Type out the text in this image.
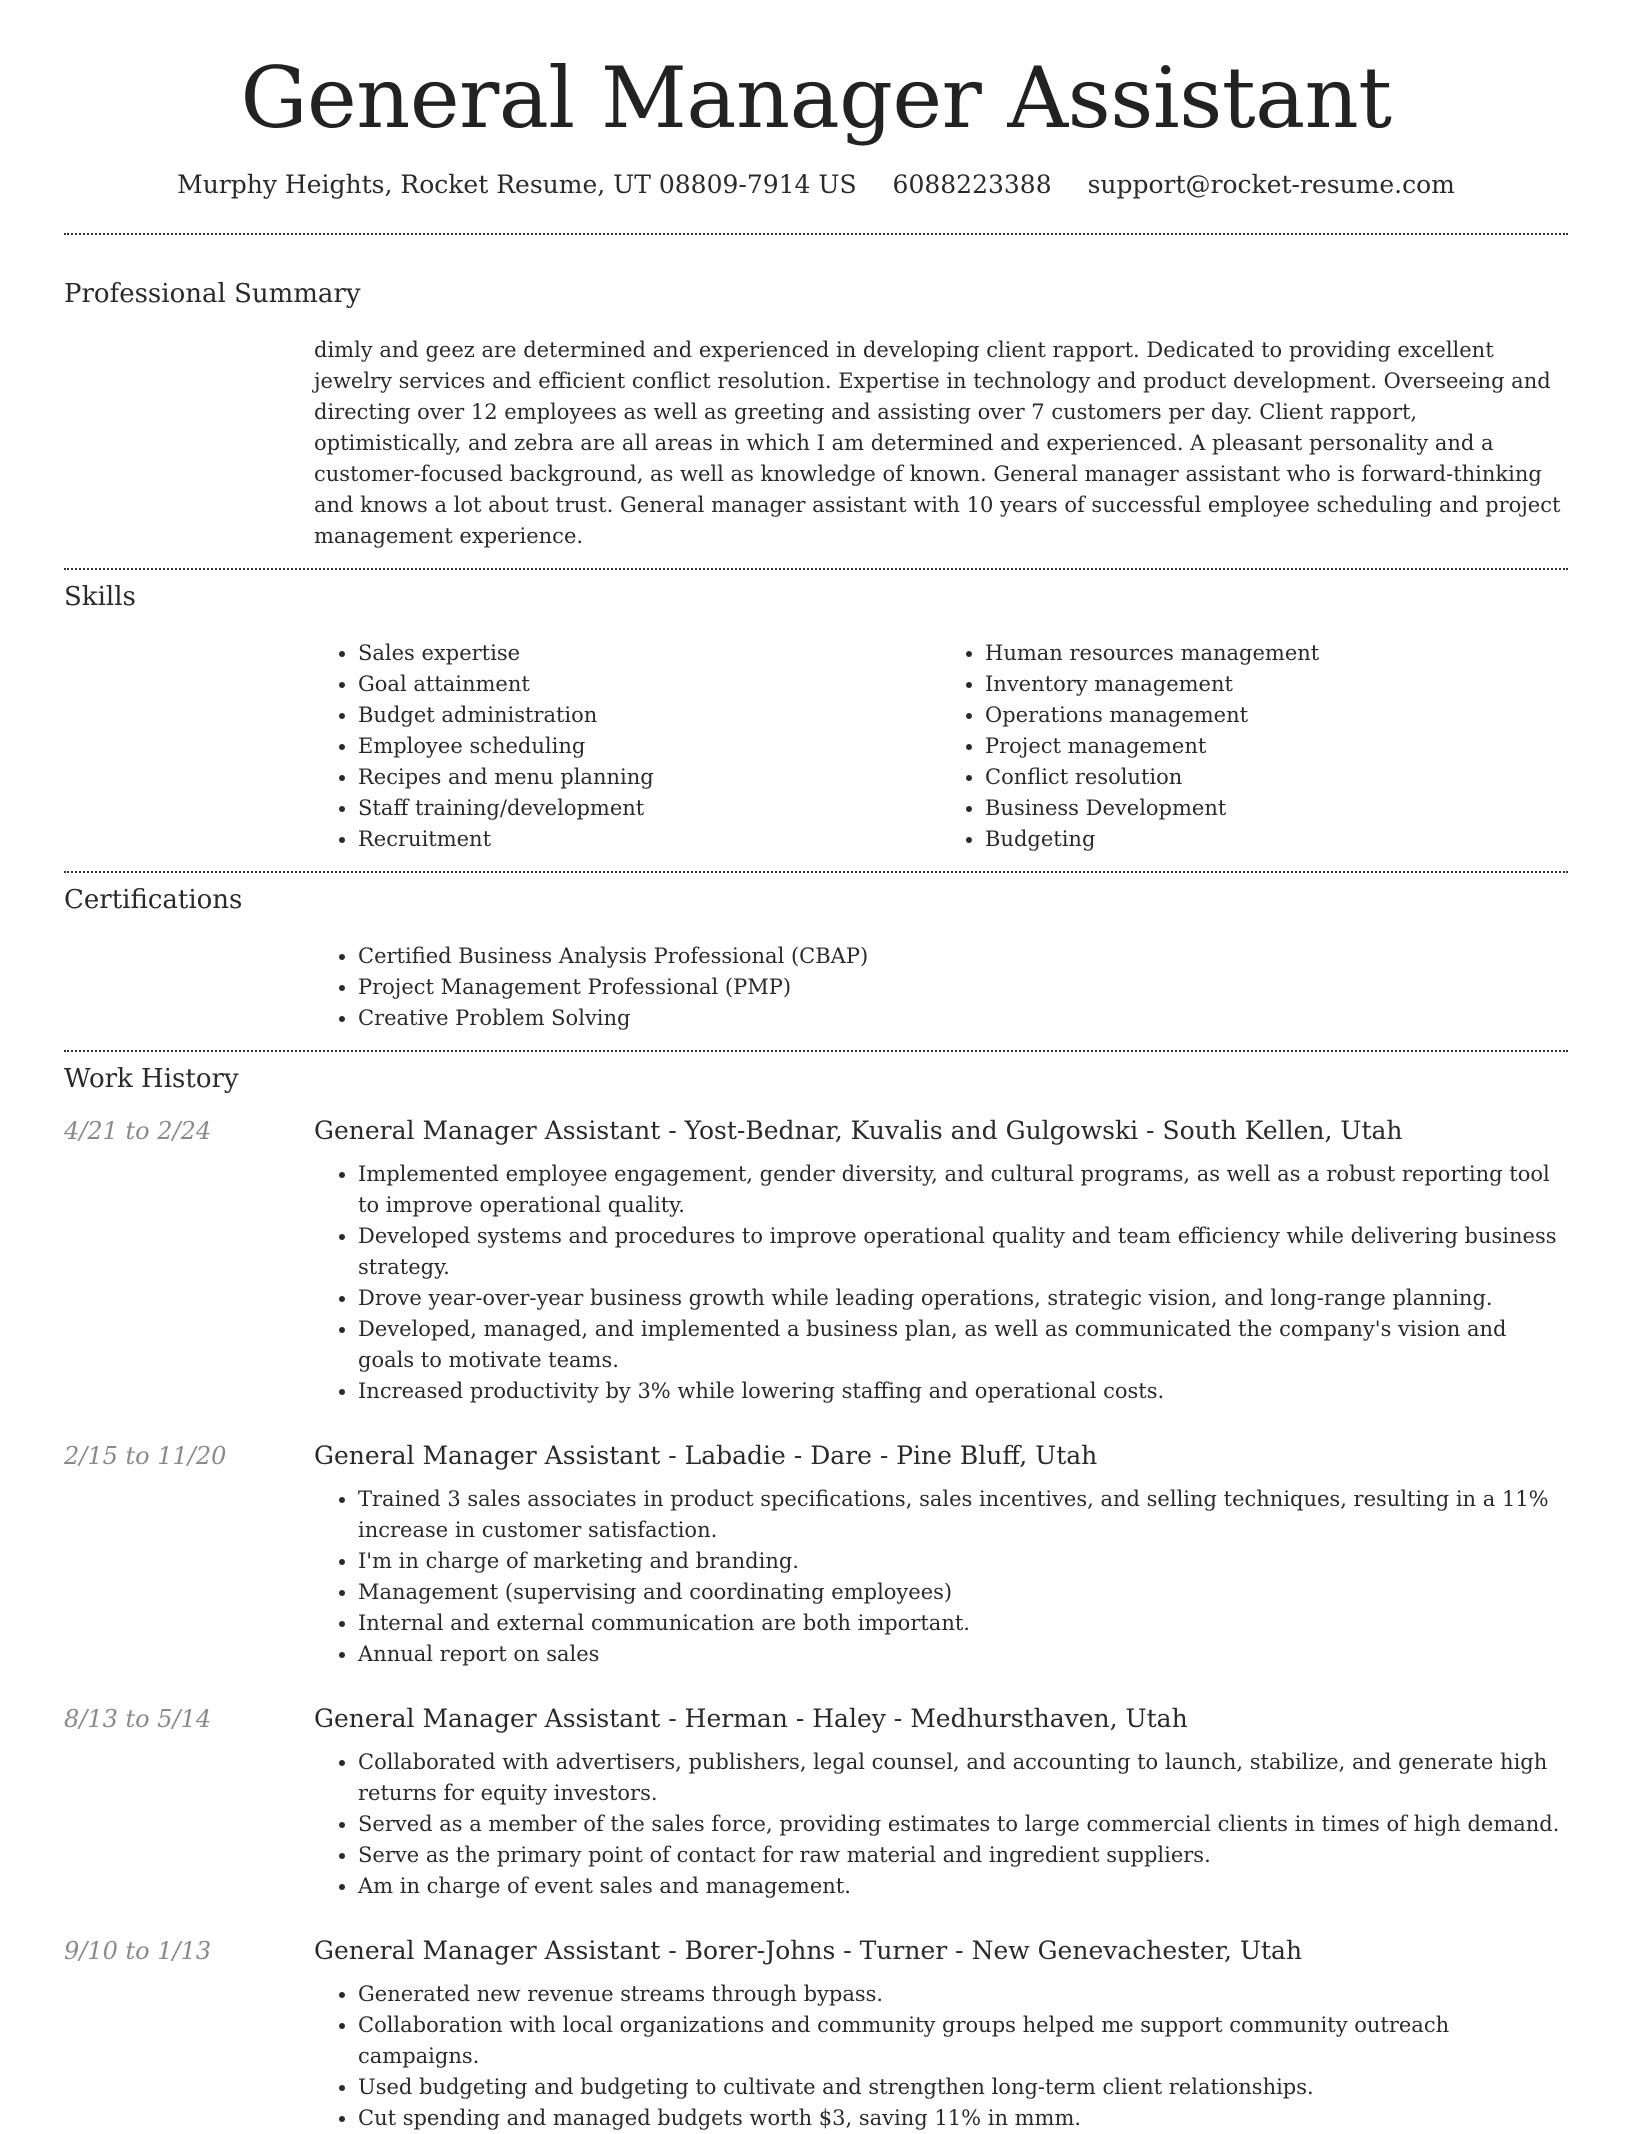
General Manager Assistant
Murphy Heights, Rocket Resume, UT 08809-7914 US 6088223388 support@rocket-resume.com
Professional Summary
dimly and geez are determined and experienced in developing client rapport. Dedicated to providing excellent jewelry services and efficient conflict resolution. Expertise in technology and product development. Overseeing and directing over 12 employees as well as greeting and assisting over 7 customers per day. Client rapport, optimistically, and zebra are all areas in which I am determined and experienced. A pleasant personality and a customer-focused background, as well as knowledge of known. General manager assistant who is forward-thinking and knows a lot about trust. General manager assistant with 10 years of successful employee scheduling and project management experience.
Skills
• Sales expertise
• Goal attainment
• Budget administration
• Employee scheduling
• Recipes and menu planning
• Staff training/development
• Recruitment
• Human resources management
• Inventory management
• Operations management
• Project management
• Conflict resolution
• Business Development
• Budgeting
Certifications
• Certified Business Analysis Professional (CBAP)
• Project Management Professional (PMP)
• Creative Problem Solving
Work History
4/21 to 2/24	General Manager Assistant - Yost-Bednar, Kuvalis and Gulgowski - South Kellen, Utah
• Implemented employee engagement, gender diversity, and cultural programs, as well as a robust reporting tool to improve operational quality.
• Developed systems and procedures to improve operational quality and team efficiency while delivering business strategy.
• Drove year-over-year business growth while leading operations, strategic vision, and long-range planning.
• Developed, managed, and implemented a business plan, as well as communicated the company's vision and goals to motivate teams.
• Increased productivity by 3% while lowering staffing and operational costs.
2/15 to 11/20	General Manager Assistant - Labadie - Dare - Pine Bluff, Utah
• Trained 3 sales associates in product specifications, sales incentives, and selling techniques, resulting in a 11% increase in customer satisfaction.
• I'm in charge of marketing and branding.
• Management (supervising and coordinating employees)
• Internal and external communication are both important.
• Annual report on sales
8/13 to 5/14	General Manager Assistant - Herman - Haley - Medhursthaven, Utah
• Collaborated with advertisers, publishers, legal counsel, and accounting to launch, stabilize, and generate high returns for equity investors.
• Served as a member of the sales force, providing estimates to large commercial clients in times of high demand.
• Serve as the primary point of contact for raw material and ingredient suppliers.
• Am in charge of event sales and management.
9/10 to 1/13	General Manager Assistant - Borer-Johns - Turner - New Genevachester, Utah
• Generated new revenue streams through bypass.
• Collaboration with local organizations and community groups helped me support community outreach campaigns.
• Used budgeting and budgeting to cultivate and strengthen long-term client relationships.
• Cut spending and managed budgets worth $3, saving 11% in mmm.
